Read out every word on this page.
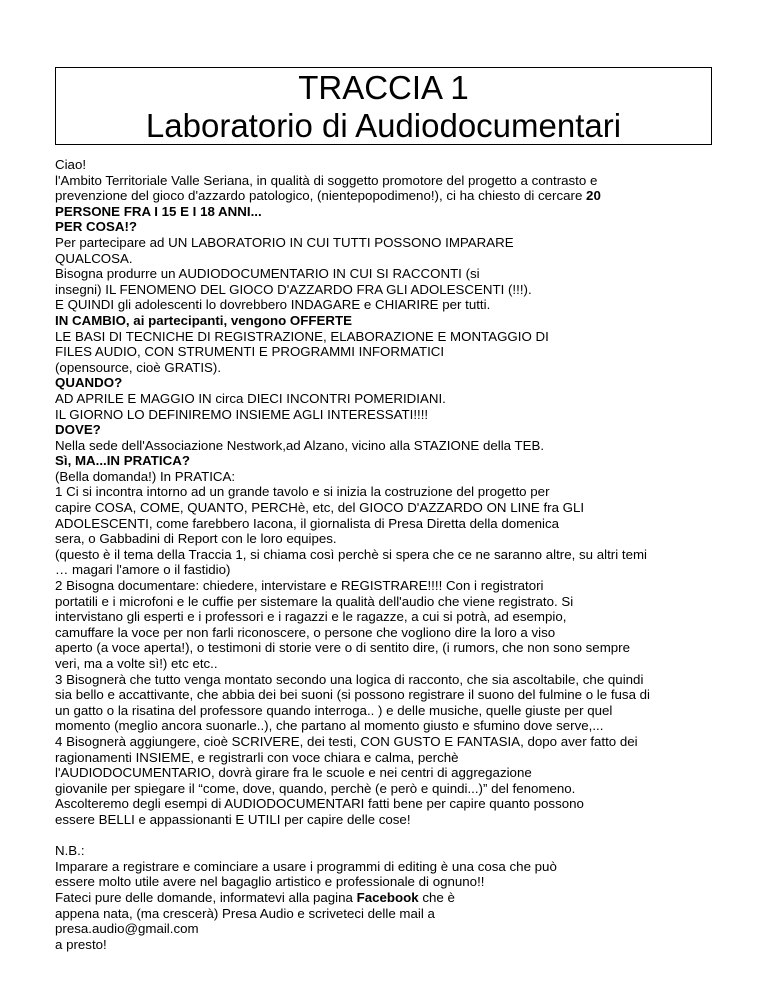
TRACCIA 1
Laboratorio di Audiodocumentari
Ciao!
l'Ambito Territoriale Valle Seriana, in qualità di soggetto promotore del progetto a contrasto e
prevenzione del gioco d'azzardo patologico, (nientepopodimeno!), ci ha chiesto di cercare 20
PERSONE FRA I 15 E I 18 ANNI...
PER COSA!?
Per partecipare ad UN LABORATORIO IN CUI TUTTI POSSONO IMPARARE
QUALCOSA.
Bisogna produrre un AUDIODOCUMENTARIO IN CUI SI RACCONTI (si
insegni) IL FENOMENO DEL GIOCO D'AZZARDO FRA GLI ADOLESCENTI (!!!).
E QUINDI gli adolescenti lo dovrebbero INDAGARE e CHIARIRE per tutti.
IN CAMBIO, ai partecipanti, vengono OFFERTE
LE BASI DI TECNICHE DI REGISTRAZIONE, ELABORAZIONE E MONTAGGIO DI
FILES AUDIO, CON STRUMENTI E PROGRAMMI INFORMATICI
(opensource, cioè GRATIS).
QUANDO?
AD APRILE E MAGGIO IN circa DIECI INCONTRI POMERIDIANI.
IL GIORNO LO DEFINIREMO INSIEME AGLI INTERESSATI!!!!
DOVE?
Nella sede dell'Associazione Nestwork,ad Alzano, vicino alla STAZIONE della TEB.
Sì, MA...IN PRATICA?
(Bella domanda!) In PRATICA:
1 Ci si incontra intorno ad un grande tavolo e si inizia la costruzione del progetto per
capire COSA, COME, QUANTO, PERCHè, etc, del GIOCO D'AZZARDO ON LINE fra GLI
ADOLESCENTI, come farebbero Iacona, il giornalista di Presa Diretta della domenica
sera, o Gabbadini di Report con le loro equipes.
(questo è il tema della Traccia 1, si chiama così perchè si spera che ce ne saranno altre, su altri temi
… magari l'amore o il fastidio)
2 Bisogna documentare: chiedere, intervistare e REGISTRARE!!!! Con i registratori
portatili e i microfoni e le cuffie per sistemare la qualità dell'audio che viene registrato. Si
intervistano gli esperti e i professori e i ragazzi e le ragazze, a cui si potrà, ad esempio,
camuffare la voce per non farli riconoscere, o persone che vogliono dire la loro a viso
aperto (a voce aperta!), o testimoni di storie vere o di sentito dire, (i rumors, che non sono sempre
veri, ma a volte sì!) etc etc..
3 Bisognerà che tutto venga montato secondo una logica di racconto, che sia ascoltabile, che quindi
sia bello e accattivante, che abbia dei bei suoni (si possono registrare il suono del fulmine o le fusa di
un gatto o la risatina del professore quando interroga.. ) e delle musiche, quelle giuste per quel
momento (meglio ancora suonarle..), che partano al momento giusto e sfumino dove serve,...
4 Bisognerà aggiungere, cioè SCRIVERE, dei testi, CON GUSTO E FANTASIA, dopo aver fatto dei
ragionamenti INSIEME, e registrarli con voce chiara e calma, perchè
l'AUDIODOCUMENTARIO, dovrà girare fra le scuole e nei centri di aggregazione
giovanile per spiegare il “come, dove, quando, perchè (e però e quindi...)” del fenomeno.
Ascolteremo degli esempi di AUDIODOCUMENTARI fatti bene per capire quanto possono
essere BELLI e appassionanti E UTILI per capire delle cose!
N.B.:
Imparare a registrare e cominciare a usare i programmi di editing è una cosa che può
essere molto utile avere nel bagaglio artistico e professionale di ognuno!!
Fateci pure delle domande, informatevi alla pagina Facebook che è
appena nata, (ma crescerà) Presa Audio e scriveteci delle mail a
presa.audio@gmail.com
a presto!
